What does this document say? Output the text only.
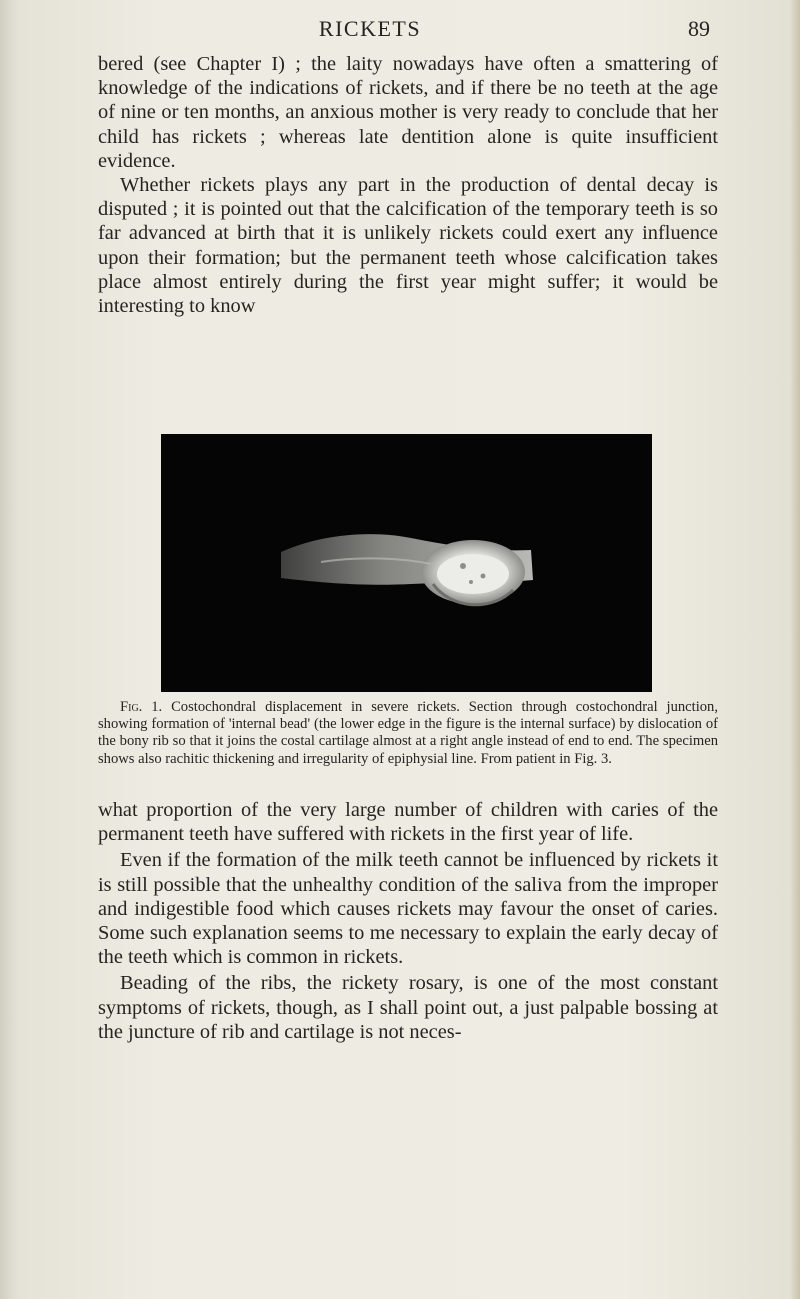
RICKETS	89

bered (see Chapter I) ; the laity nowadays have often a smattering of knowledge of the indications of rickets, and if there be no teeth at the age of nine or ten months, an anxious mother is very ready to conclude that her child has rickets ; whereas late dentition alone is quite insufficient evidence.

Whether rickets plays any part in the production of dental decay is disputed ; it is pointed out that the calcification of the temporary teeth is so far advanced at birth that it is unlikely rickets could exert any influence upon their formation; but the permanent teeth whose calcification takes place almost entirely during the first year might suffer; it would be interesting to know

Fig. 1. Costochondral displacement in severe rickets. Section through costochondral junction, showing formation of 'internal bead' (the lower edge in the figure is the internal surface) by dislocation of the bony rib so that it joins the costal cartilage almost at a right angle instead of end to end. The specimen shows also rachitic thickening and irregularity of epiphysial line. From patient in Fig. 3.

what proportion of the very large number of children with caries of the permanent teeth have suffered with rickets in the first year of life.

Even if the formation of the milk teeth cannot be influenced by rickets it is still possible that the unhealthy condition of the saliva from the improper and indigestible food which causes rickets may favour the onset of caries. Some such explanation seems to me necessary to explain the early decay of the teeth which is common in rickets.

Beading of the ribs, the rickety rosary, is one of the most constant symptoms of rickets, though, as I shall point out, a just palpable bossing at the juncture of rib and cartilage is not neces-
